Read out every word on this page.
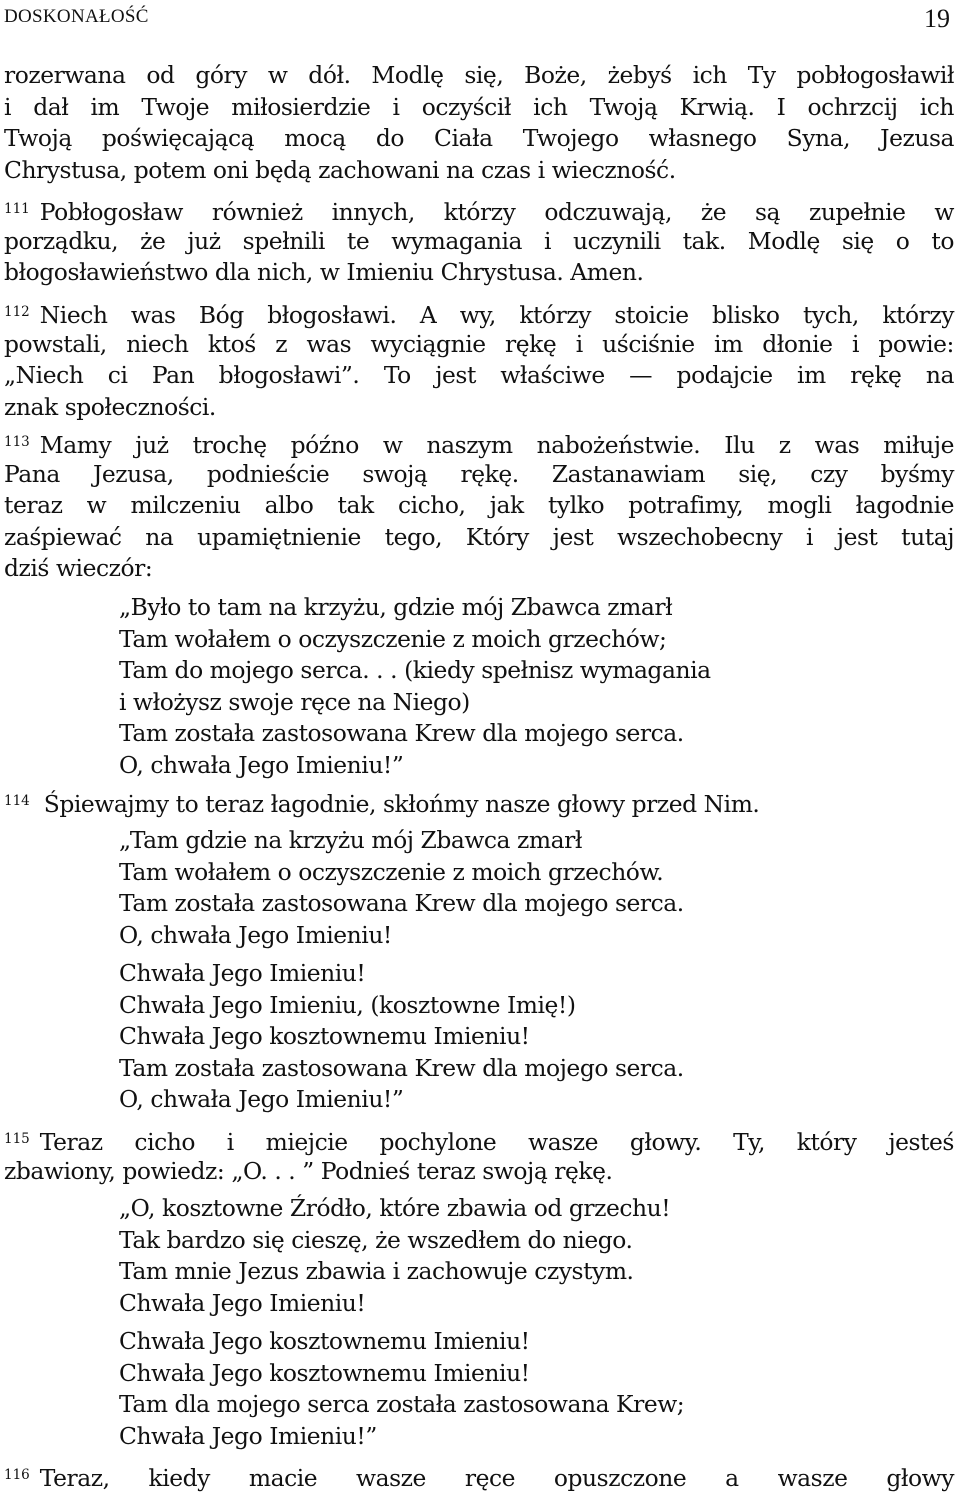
DOSKONAŁOŚĆ	19
rozerwana od góry w dół. Modlę się, Boże, żebyś ich Ty pobłogosławił
i dał im Twoje miłosierdzie i oczyścił ich Twoją Krwią. I ochrzcij ich
Twoją poświęcającą mocą do Ciała Twojego własnego Syna, Jezusa
Chrystusa, potem oni będą zachowani na czas i wieczność.
$^{111}$ Pobłogosław również innych, którzy odczuwają, że są zupełnie w
porządku, że już spełnili te wymagania i uczynili tak. Modlę się o to
błogosławieństwo dla nich, w Imieniu Chrystusa. Amen.
$^{112}$ Niech was Bóg błogosławi. A wy, którzy stoicie blisko tych, którzy
powstali, niech ktoś z was wyciągnie rękę i uściśnie im dłonie i powie:
„Niech ci Pan błogosławi”. To jest właściwe — podajcie im rękę na
znak społeczności.
$^{113}$ Mamy już trochę późno w naszym nabożeństwie. Ilu z was miłuje
Pana Jezusa, podnieście swoją rękę. Zastanawiam się, czy byśmy
teraz w milczeniu albo tak cicho, jak tylko potrafimy, mogli łagodnie
zaśpiewać na upamiętnienie tego, Który jest wszechobecny i jest tutaj
dziś wieczór:
„Było to tam na krzyżu, gdzie mój Zbawca zmarł
Tam wołałem o oczyszczenie z moich grzechów;
Tam do mojego serca. . . (kiedy spełnisz wymagania
i włożysz swoje ręce na Niego)
Tam została zastosowana Krew dla mojego serca.
O, chwała Jego Imieniu!”
$^{114}$ Śpiewajmy to teraz łagodnie, skłońmy nasze głowy przed Nim.
„Tam gdzie na krzyżu mój Zbawca zmarł
Tam wołałem o oczyszczenie z moich grzechów.
Tam została zastosowana Krew dla mojego serca.
O, chwała Jego Imieniu!
Chwała Jego Imieniu!
Chwała Jego Imieniu, (kosztowne Imię!)
Chwała Jego kosztownemu Imieniu!
Tam została zastosowana Krew dla mojego serca.
O, chwała Jego Imieniu!”
$^{115}$ Teraz cicho i miejcie pochylone wasze głowy. Ty, który jesteś
zbawiony, powiedz: „O. . . ” Podnieś teraz swoją rękę.
„O, kosztowne Źródło, które zbawia od grzechu!
Tak bardzo się cieszę, że wszedłem do niego.
Tam mnie Jezus zbawia i zachowuje czystym.
Chwała Jego Imieniu!
Chwała Jego kosztownemu Imieniu!
Chwała Jego kosztownemu Imieniu!
Tam dla mojego serca została zastosowana Krew;
Chwała Jego Imieniu!”
$^{116}$ Teraz, kiedy macie wasze ręce opuszczone a wasze głowy
